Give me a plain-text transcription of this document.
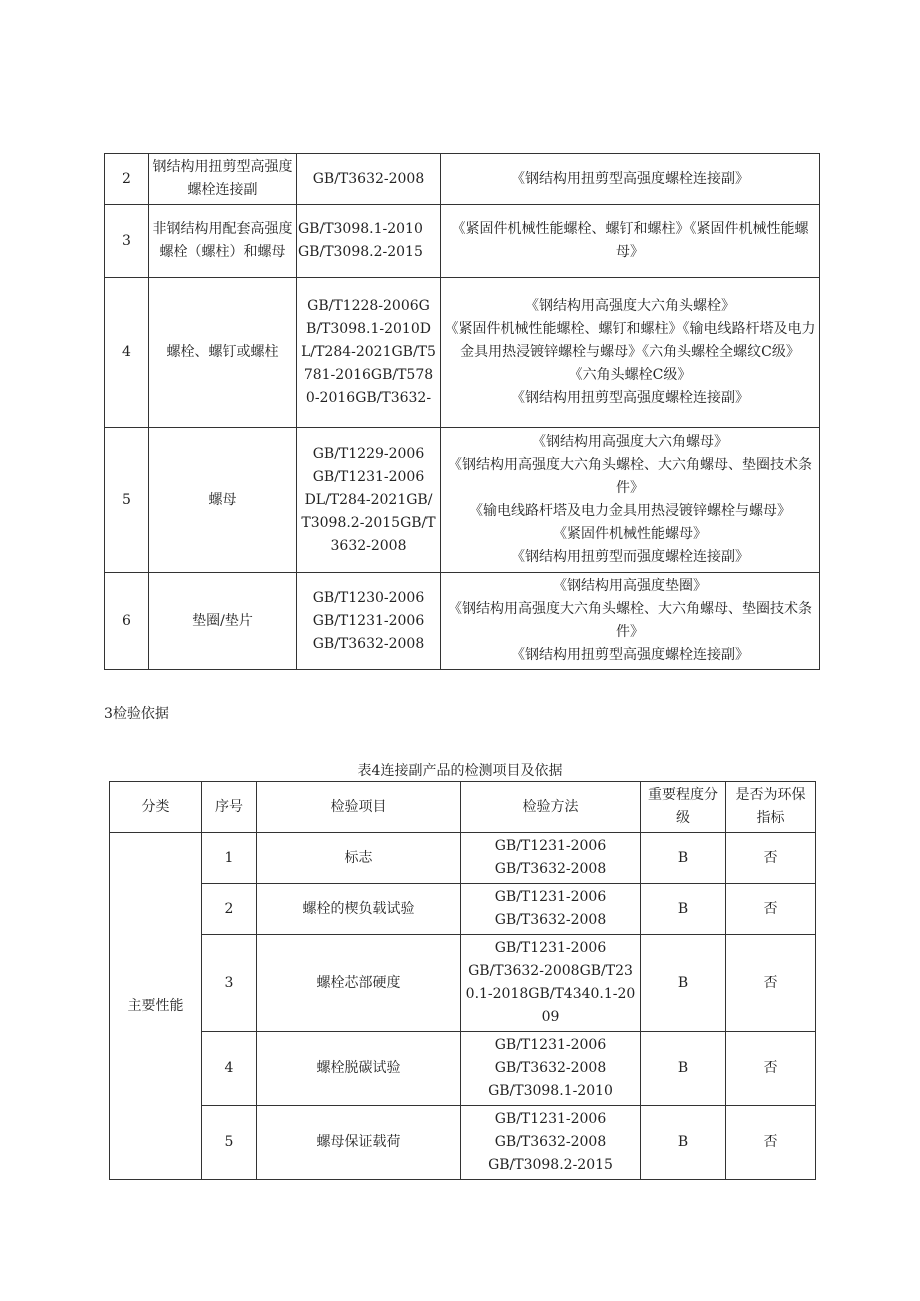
2	钢结构用扭剪型高强度螺栓连接副	GB/T3632-2008	《钢结构用扭剪型高强度螺栓连接副》
3	非钢结构用配套高强度螺栓（螺柱）和螺母	GB/T3098.1-2010
GB/T3098.2-2015	《紧固件机械性能螺栓、螺钉和螺柱》《紧固件机械性能螺母》
4	螺栓、螺钉或螺柱	GB/T1228-2006GB/T3098.1-2010DL/T284-2021GB/T5781-2016GB/T5780-2016GB/T3632-	《钢结构用高强度大六角头螺栓》
《紧固件机械性能螺栓、螺钉和螺柱》《输电线路杆塔及电力金具用热浸镀锌螺栓与螺母》《六角头螺栓全螺纹C级》
《六角头螺栓C级》
《钢结构用扭剪型高强度螺栓连接副》
5	螺母	GB/T1229-2006
GB/T1231-2006
DL/T284-2021GB/T3098.2-2015GB/T3632-2008	《钢结构用高强度大六角螺母》
《钢结构用高强度大六角头螺栓、大六角螺母、垫圈技术条件》
《输电线路杆塔及电力金具用热浸镀锌螺栓与螺母》
《紧固件机械性能螺母》
《钢结构用扭剪型而强度螺栓连接副》
6	垫圈/垫片	GB/T1230-2006
GB/T1231-2006
GB/T3632-2008	《钢结构用高强度垫圈》
《钢结构用高强度大六角头螺栓、大六角螺母、垫圈技术条件》
《钢结构用扭剪型高强度螺栓连接副》
3检验依据
表4连接副产品的检测项目及依据
分类	序号	检验项目	检验方法	重要程度分级	是否为环保指标
主要性能	1	标志	GB/T1231-2006
GB/T3632-2008	B	否
	2	螺栓的楔负载试验	GB/T1231-2006
GB/T3632-2008	B	否
	3	螺栓芯部硬度	GB/T1231-2006
GB/T3632-2008GB/T230.1-2018GB/T4340.1-2009	B	否
	4	螺栓脱碳试验	GB/T1231-2006
GB/T3632-2008
GB/T3098.1-2010	B	否
	5	螺母保证载荷	GB/T1231-2006
GB/T3632-2008
GB/T3098.2-2015	B	否
